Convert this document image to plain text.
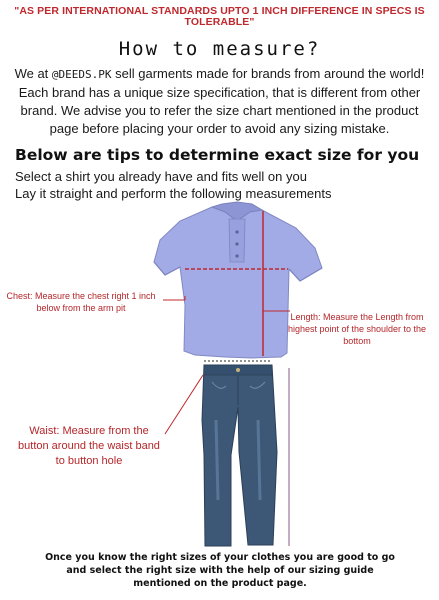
"AS PER INTERNATIONAL STANDARDS UPTO 1 INCH DIFFERENCE IN SPECS IS TOLERABLE"
How to measure?

We at @DEEDS.PK sell garments made for brands from around the world! Each brand has a unique size specification, that is different from other brand. We advise you to refer the size chart mentioned in the product page before placing your order to avoid any sizing mistake.

Below are tips to determine exact size for you
Select a shirt you already have and fits well on you
Lay it straight and perform the following measurements
Chest: Measure the chest right 1 inch below from the arm pit
Length: Measure the Length from highest point of the shoulder to the bottom
Waist: Measure from the button around the waist band to button hole
Once you know the right sizes of your clothes you are good to go and select the right size with the help of our sizing guide mentioned on the product page.
